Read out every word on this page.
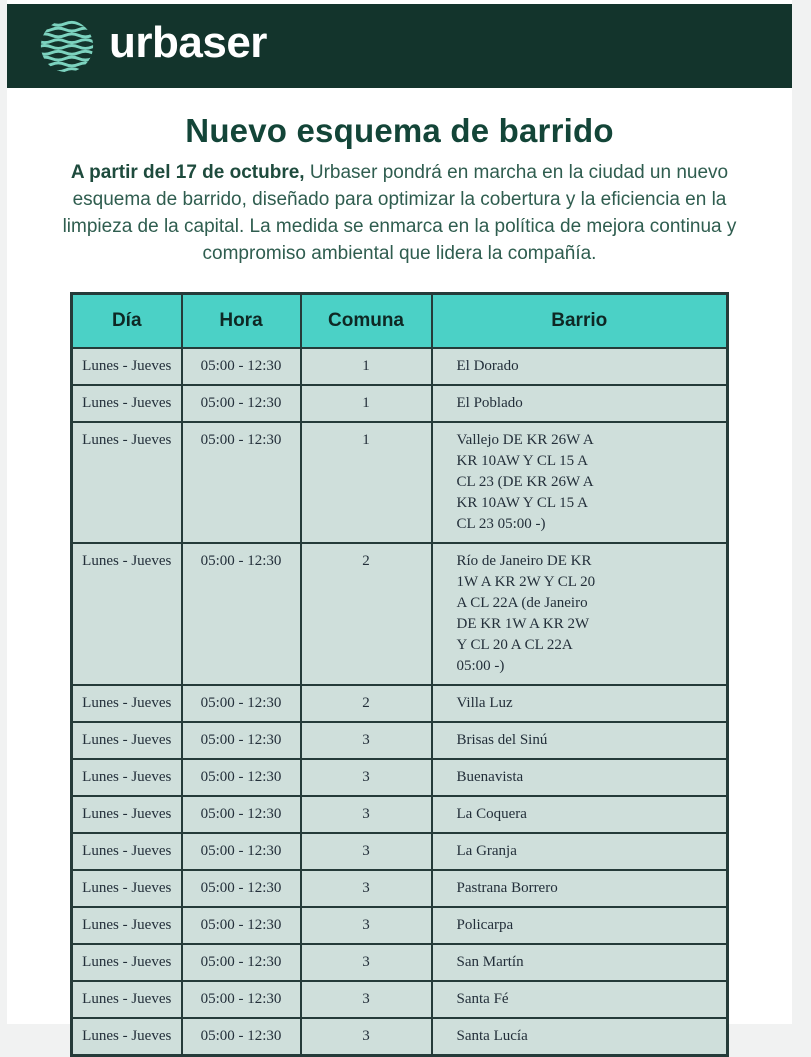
urbaser
Nuevo esquema de barrido

A partir del 17 de octubre, Urbaser pondrá en marcha en la ciudad un nuevo esquema de barrido, diseñado para optimizar la cobertura y la eficiencia en la limpieza de la capital. La medida se enmarca en la política de mejora continua y compromiso ambiental que lidera la compañía.

Día	Hora	Comuna	Barrio
Lunes - Jueves	05:00 - 12:30	1	El Dorado

Lunes - Jueves	05:00 - 12:30	1	El Poblado

Lunes - Jueves	05:00 - 12:30	1	Vallejo DE KR 26W A KR 10AW Y CL 15 A CL 23 (DE KR 26W A KR 10AW Y CL 15 A CL 23 05:00 -)

Lunes - Jueves	05:00 - 12:30	2	Río de Janeiro DE KR 1W A KR 2W Y CL 20 A CL 22A (de Janeiro DE KR 1W A KR 2W Y CL 20 A CL 22A 05:00 -)

Lunes - Jueves	05:00 - 12:30	2	Villa Luz

Lunes - Jueves	05:00 - 12:30	3	Brisas del Sinú

Lunes - Jueves	05:00 - 12:30	3	Buenavista

Lunes - Jueves	05:00 - 12:30	3	La Coquera

Lunes - Jueves	05:00 - 12:30	3	La Granja

Lunes - Jueves	05:00 - 12:30	3	Pastrana Borrero

Lunes - Jueves	05:00 - 12:30	3	Policarpa

Lunes - Jueves	05:00 - 12:30	3	San Martín

Lunes - Jueves	05:00 - 12:30	3	Santa Fé

Lunes - Jueves	05:00 - 12:30	3	Santa Lucía
